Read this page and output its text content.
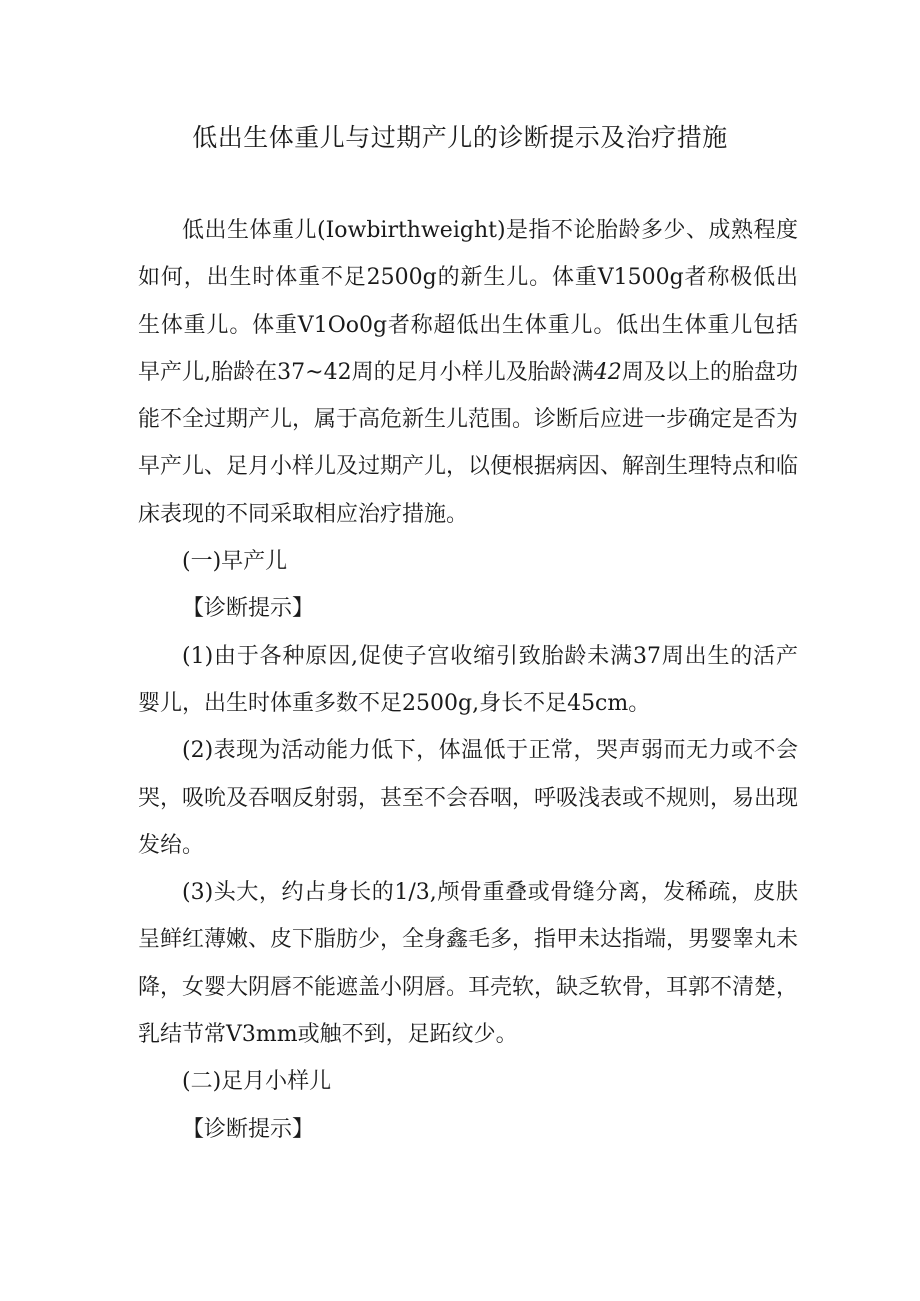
低出生体重儿与过期产儿的诊断提示及治疗措施

低出生体重儿(Iowbirthweight)是指不论胎龄多少、成熟程度如何，出生时体重不足2500g的新生儿。体重V1500g者称极低出生体重儿。体重V1Oo0g者称超低出生体重儿。低出生体重儿包括早产儿,胎龄在37~42周的足月小样儿及胎龄满42周及以上的胎盘功能不全过期产儿，属于高危新生儿范围。诊断后应进一步确定是否为早产儿、足月小样儿及过期产儿，以便根据病因、解剖生理特点和临床表现的不同采取相应治疗措施。

(一)早产儿

【诊断提示】

(1)由于各种原因,促使子宫收缩引致胎龄未满37周出生的活产婴儿，出生时体重多数不足2500g,身长不足45cm。

(2)表现为活动能力低下，体温低于正常，哭声弱而无力或不会哭，吸吮及吞咽反射弱，甚至不会吞咽，呼吸浅表或不规则，易出现发绐。

(3)头大，约占身长的1/3,颅骨重叠或骨缝分离，发稀疏，皮肤呈鲜红薄嫩、皮下脂肪少，全身鑫毛多，指甲未达指端，男婴睾丸未降，女婴大阴唇不能遮盖小阴唇。耳壳软，缺乏软骨，耳郭不清楚，乳结节常V3mm或触不到，足跖纹少。

(二)足月小样儿

【诊断提示】
